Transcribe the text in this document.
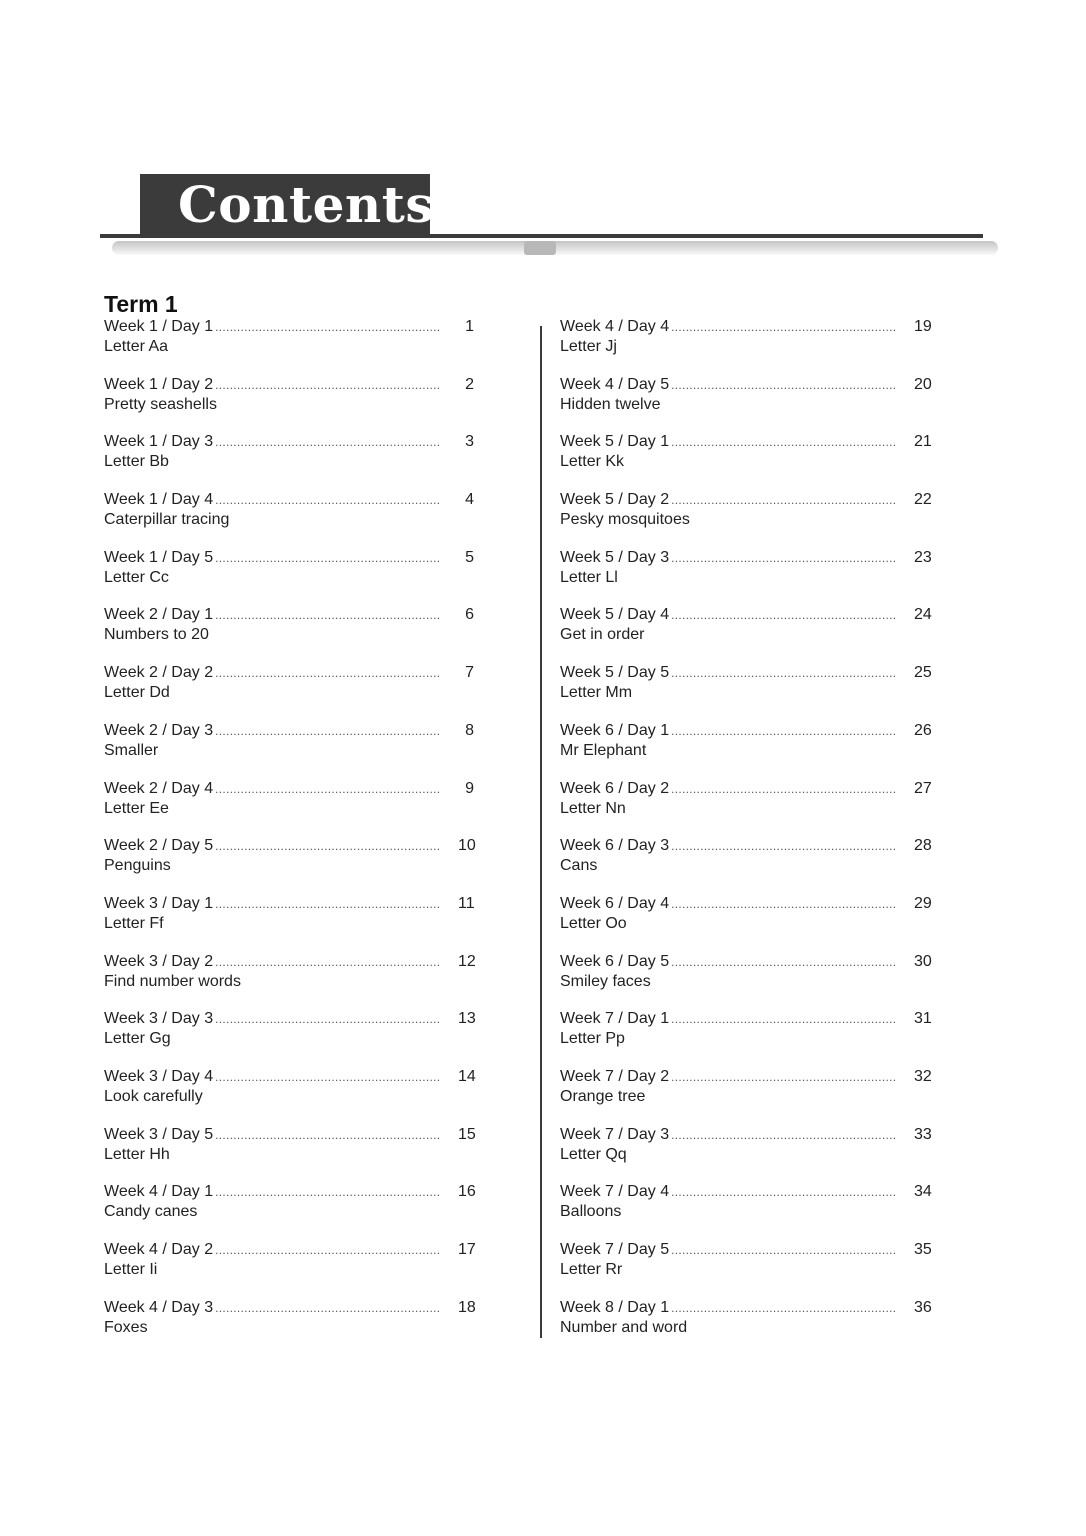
Contents
Term 1
Week 1 / Day 1 .....	1
Letter Aa
Week 1 / Day 2 .....	2
Pretty seashells
Week 1 / Day 3 .....	3
Letter Bb
Week 1 / Day 4 .....	4
Caterpillar tracing
Week 1 / Day 5 .....	5
Letter Cc
Week 2 / Day 1 .....	6
Numbers to 20
Week 2 / Day 2 .....	7
Letter Dd
Week 2 / Day 3 .....	8
Smaller
Week 2 / Day 4 .....	9
Letter Ee
Week 2 / Day 5 .....	10
Penguins
Week 3 / Day 1 .....	11
Letter Ff
Week 3 / Day 2 .....	12
Find number words
Week 3 / Day 3 .....	13
Letter Gg
Week 3 / Day 4 .....	14
Look carefully
Week 3 / Day 5 .....	15
Letter Hh
Week 4 / Day 1 .....	16
Candy canes
Week 4 / Day 2 .....	17
Letter Ii
Week 4 / Day 3 .....	18
Foxes
Week 4 / Day 4 .....	19
Letter Jj
Week 4 / Day 5 .....	20
Hidden twelve
Week 5 / Day 1 .....	21
Letter Kk
Week 5 / Day 2 .....	22
Pesky mosquitoes
Week 5 / Day 3 .....	23
Letter Ll
Week 5 / Day 4 .....	24
Get in order
Week 5 / Day 5 .....	25
Letter Mm
Week 6 / Day 1 .....	26
Mr Elephant
Week 6 / Day 2 .....	27
Letter Nn
Week 6 / Day 3 .....	28
Cans
Week 6 / Day 4 .....	29
Letter Oo
Week 6 / Day 5 .....	30
Smiley faces
Week 7 / Day 1 .....	31
Letter Pp
Week 7 / Day 2 .....	32
Orange tree
Week 7 / Day 3 .....	33
Letter Qq
Week 7 / Day 4 .....	34
Balloons
Week 7 / Day 5 .....	35
Letter Rr
Week 8 / Day 1 .....	36
Number and word
